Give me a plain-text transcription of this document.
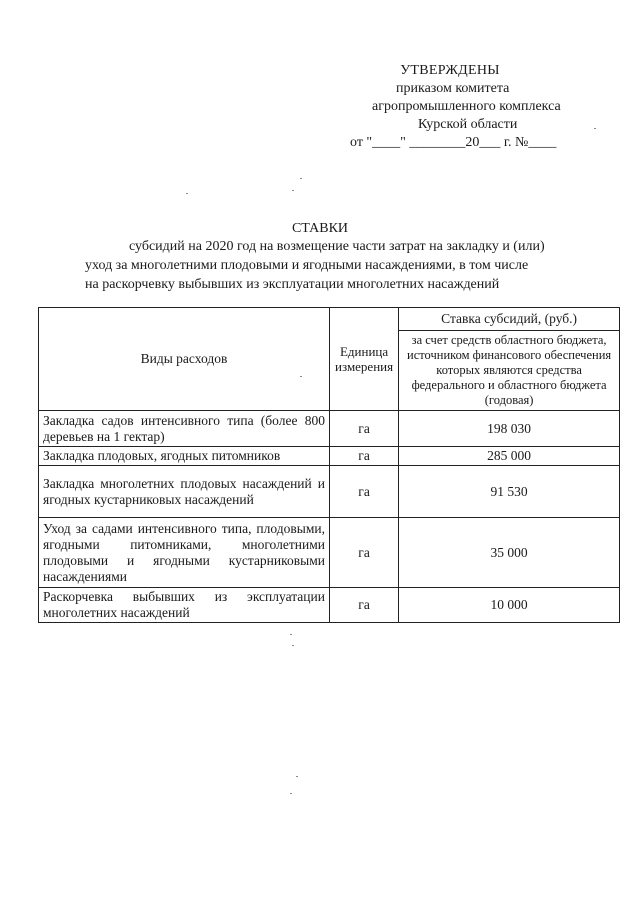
УТВЕРЖДЕНЫ
приказом комитета
агропромышленного комплекса
Курской области
от "____" ________20___ г. №____
СТАВКИ
субсидий на 2020 год на возмещение части затрат на закладку и (или)
уход за многолетними плодовыми и ягодными насаждениями, в том числе
на раскорчевку выбывших из эксплуатации многолетних насаждений
Виды расходов	Единица измерения	Ставка субсидий, (руб.)
		за счет средств областного бюджета, источником финансового обеспечения которых являются средства федерального и областного бюджета (годовая)
Закладка садов интенсивного типа (более 800 деревьев на 1 гектар)	га	198 030
Закладка плодовых, ягодных питомников	га	285 000
Закладка многолетних плодовых насаждений и ягодных кустарниковых насаждений	га	91 530
Уход за садами интенсивного типа, плодовыми, ягодными питомниками, многолетними плодовыми и ягодными кустарниковыми насаждениями	га	35 000
Раскорчевка выбывших из эксплуатации многолетних насаждений	га	10 000
